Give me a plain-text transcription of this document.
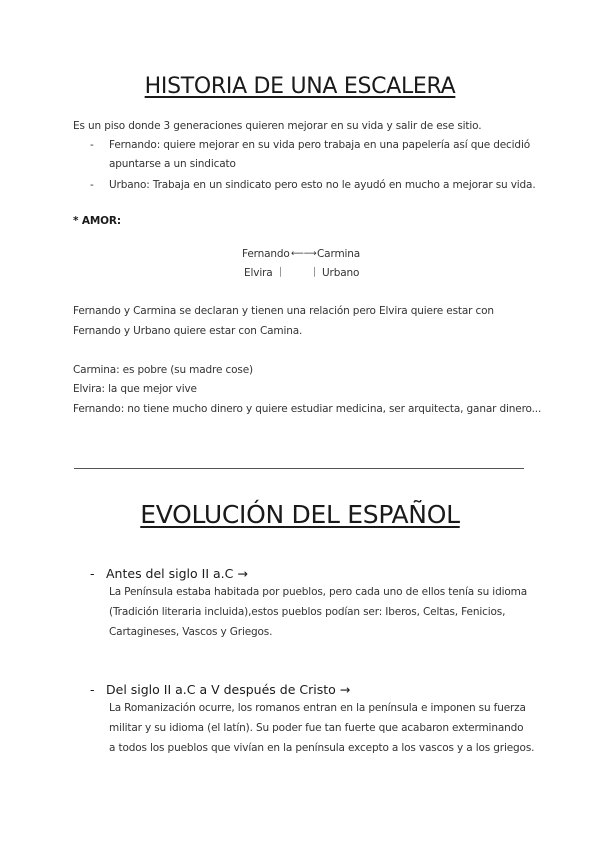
HISTORIA DE UNA ESCALERA
Es un piso donde 3 generaciones quieren mejorar en su vida y salir de ese sitio.
- Fernando: quiere mejorar en su vida pero trabaja en una papelería así que decidió
apuntarse a un sindicato
- Urbano: Trabaja en un sindicato pero esto no le ayudó en mucho a mejorar su vida.
* AMOR:
Fernando ⟵⟶ Carmina
Elvira ⏐	⏐ Urbano
Fernando y Carmina se declaran y tienen una relación pero Elvira quiere estar con
Fernando y Urbano quiere estar con Camina.
Carmina: es pobre (su madre cose)
Elvira: la que mejor vive
Fernando: no tiene mucho dinero y quiere estudiar medicina, ser arquitecta, ganar dinero...
EVOLUCIÓN DEL ESPAÑOL
- Antes del siglo II a.C →
La Península estaba habitada por pueblos, pero cada uno de ellos tenía su idioma
(Tradición literaria incluida),estos pueblos podían ser: Iberos, Celtas, Fenicios,
Cartagineses, Vascos y Griegos.
- Del siglo II a.C a V después de Cristo →
La Romanización ocurre, los romanos entran en la península e imponen su fuerza
militar y su idioma (el latín). Su poder fue tan fuerte que acabaron exterminando
a todos los pueblos que vivían en la península excepto a los vascos y a los griegos.
